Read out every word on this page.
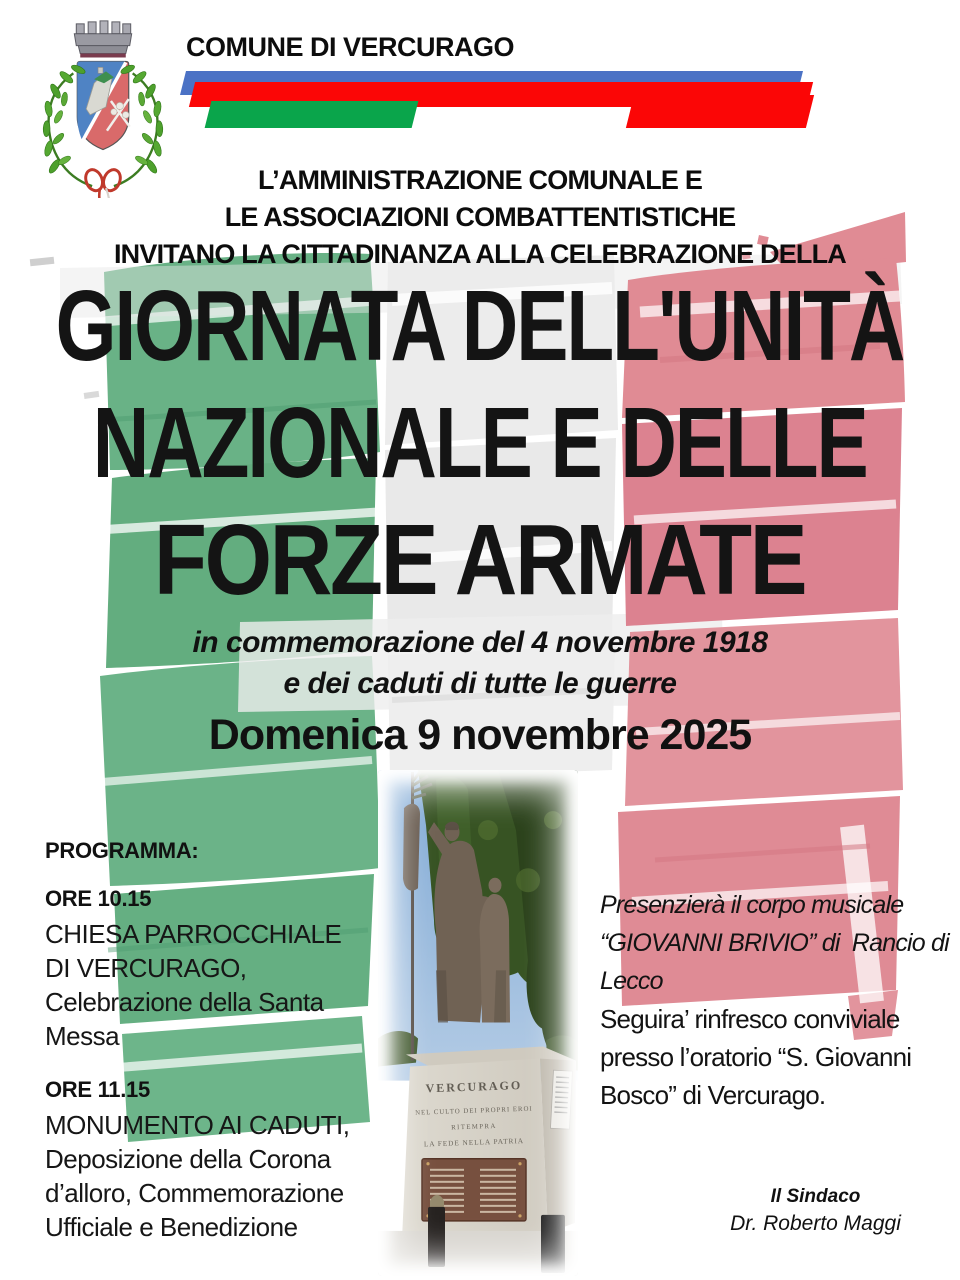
COMUNE DI VERCURAGO
L’AMMINISTRAZIONE COMUNALE E
LE ASSOCIAZIONI COMBATTENTISTICHE
INVITANO LA CITTADINANZA ALLA CELEBRAZIONE DELLA
GIORNATA DELL'UNITÀ
NAZIONALE E DELLE
FORZE ARMATE
in commemorazione del 4 novembre 1918
e dei caduti di tutte le guerre
Domenica 9 novembre 2025
PROGRAMMA:
ORE 10.15
CHIESA PARROCCHIALE DI VERCURAGO, Celebrazione della Santa Messa
ORE 11.15
MONUMENTO AI CADUTI, Deposizione della Corona d’alloro, Commemorazione Ufficiale e Benedizione
VERCURAGO
NEL CULTO DEI PROPRI EROI
RITEMPRA
LA FEDE NELLA PATRIA

Presenzierà il corpo musicale “GIOVANNI BRIVIO” di  Rancio di Lecco

Seguira’ rinfresco conviviale presso l’oratorio “S. Giovanni Bosco” di Vercurago.

Il Sindaco
Dr. Roberto Maggi
